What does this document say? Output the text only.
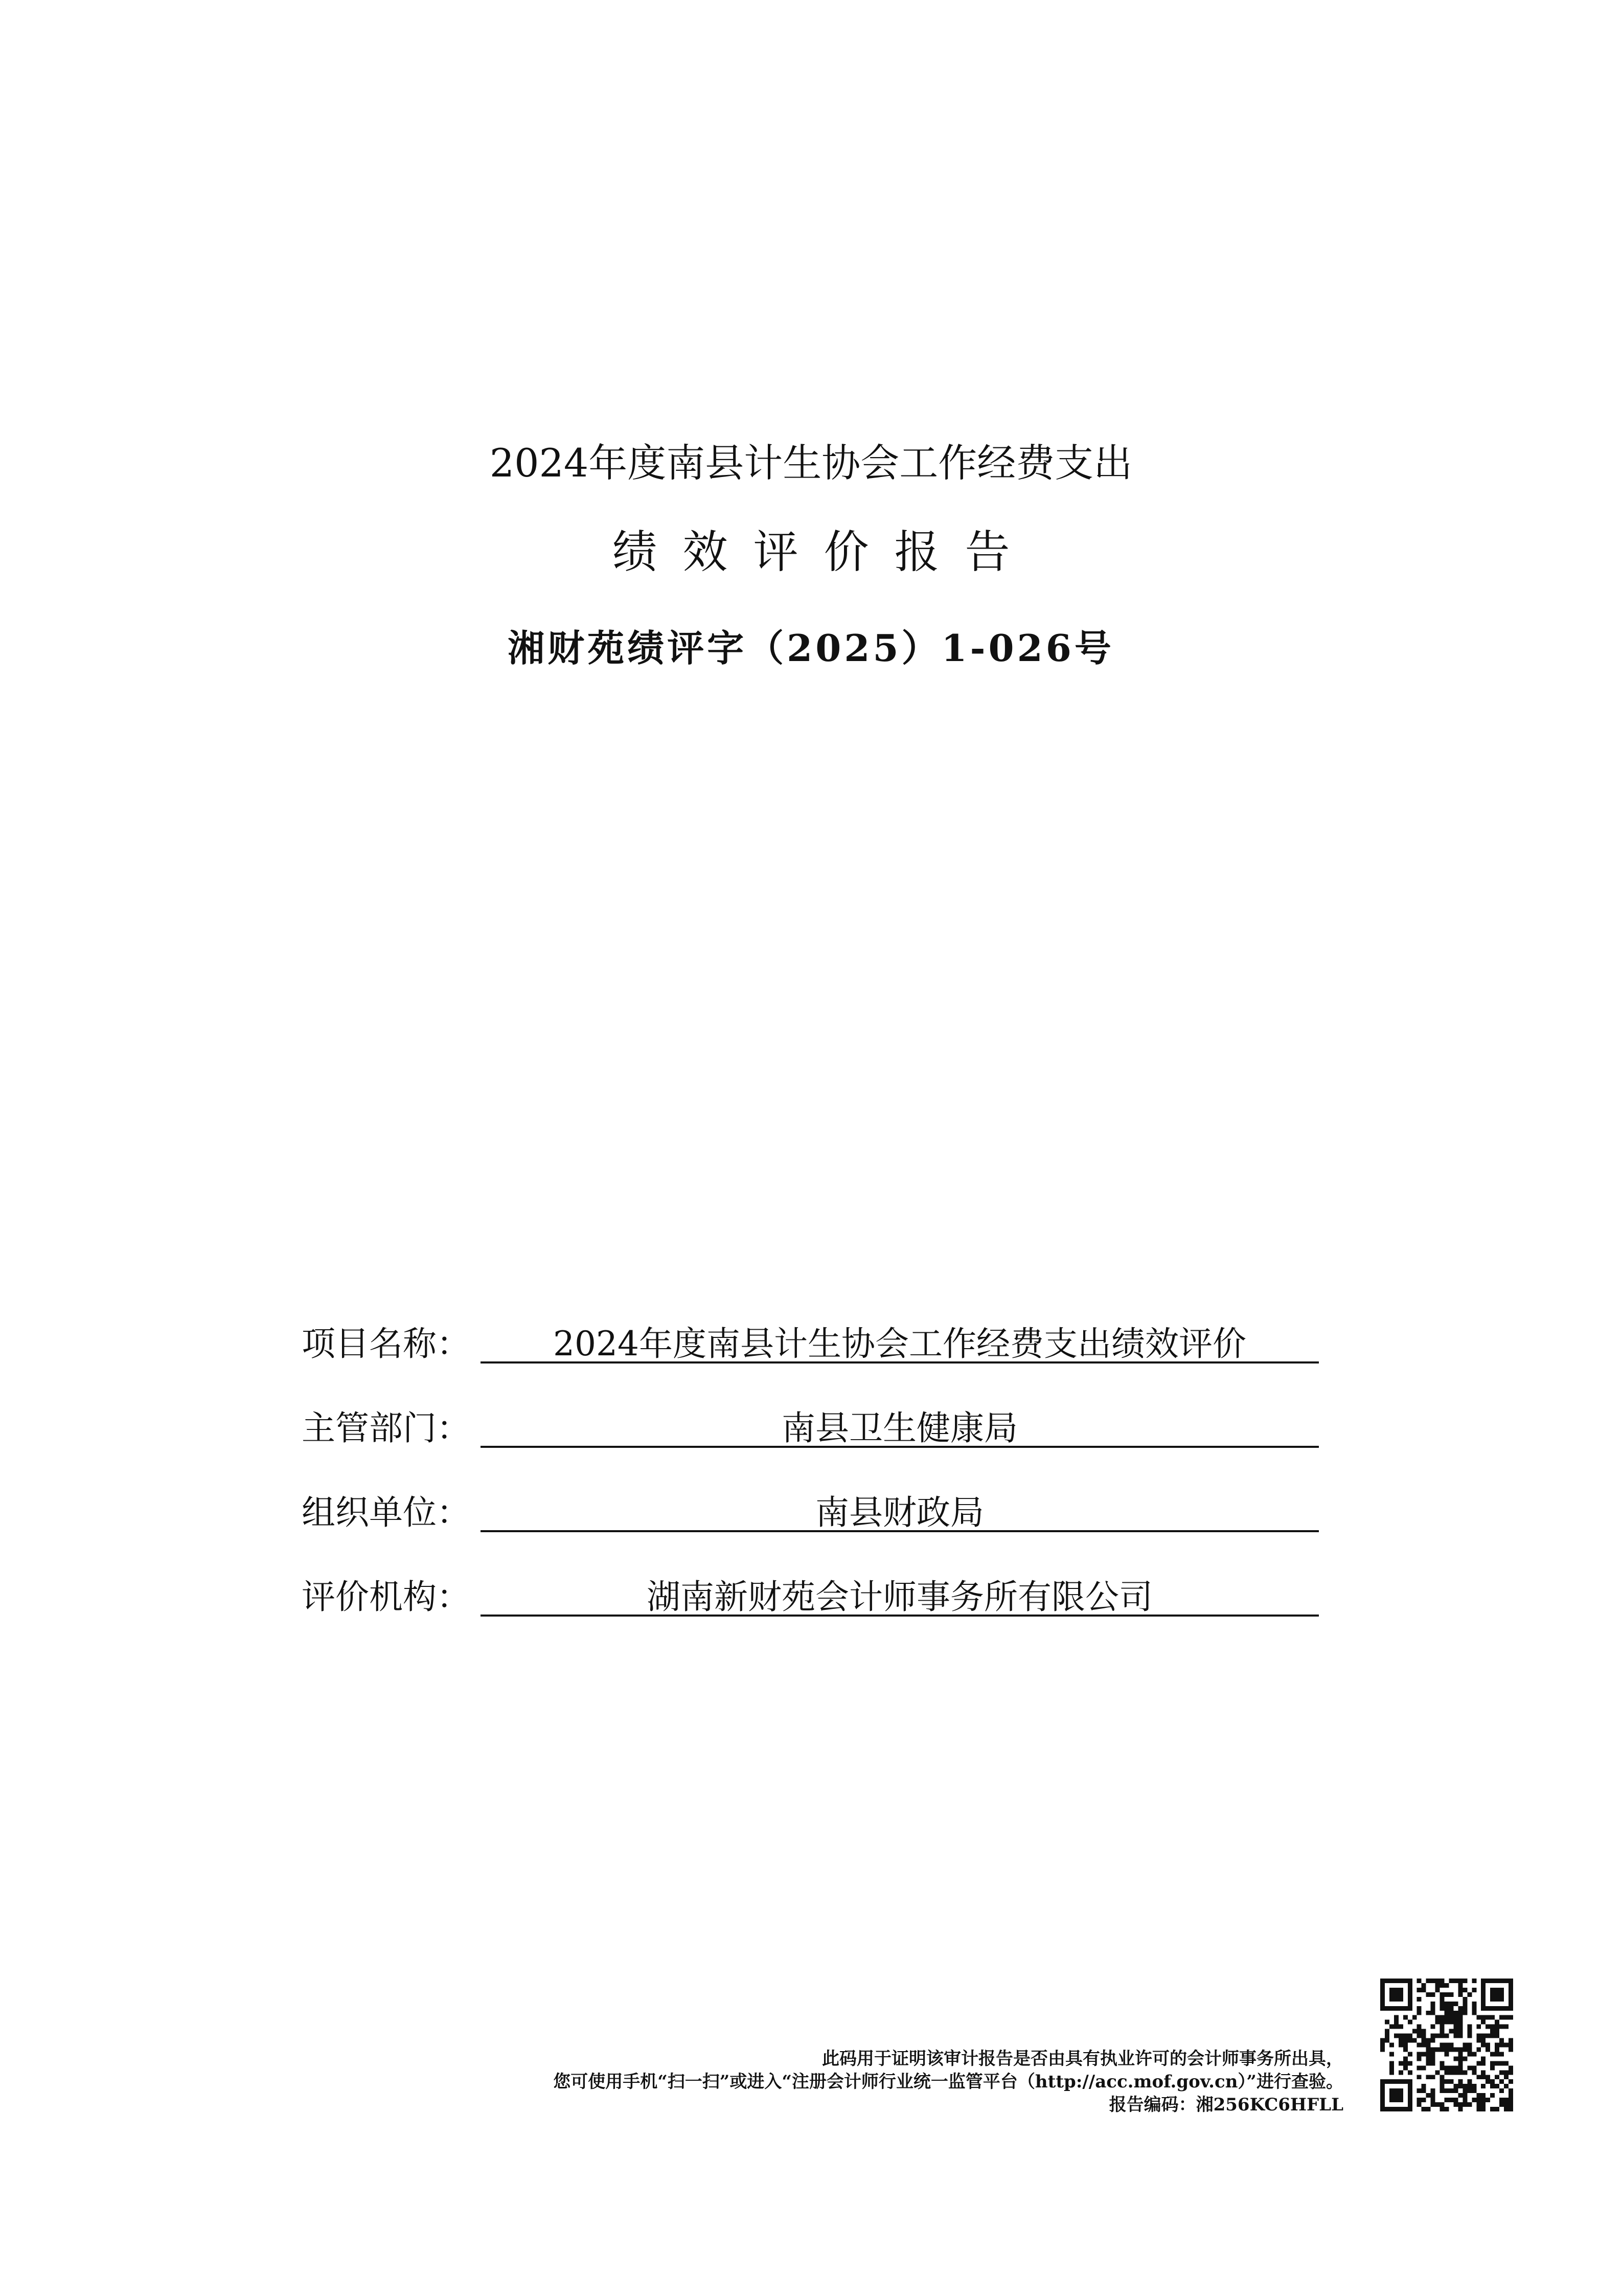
2024年度南县计生协会工作经费支出
绩效评价报告
湘财苑绩评字（2025）1-026号
项目名称：	2024年度南县计生协会工作经费支出绩效评价
主管部门：	南县卫生健康局
组织单位：	南县财政局
评价机构：	湖南新财苑会计师事务所有限公司
此码用于证明该审计报告是否由具有执业许可的会计师事务所出具，
您可使用手机“扫一扫”或进入“注册会计师行业统一监管平台（http://acc.mof.gov.cn）”进行查验。
报告编码：湘256KC6HFLL
